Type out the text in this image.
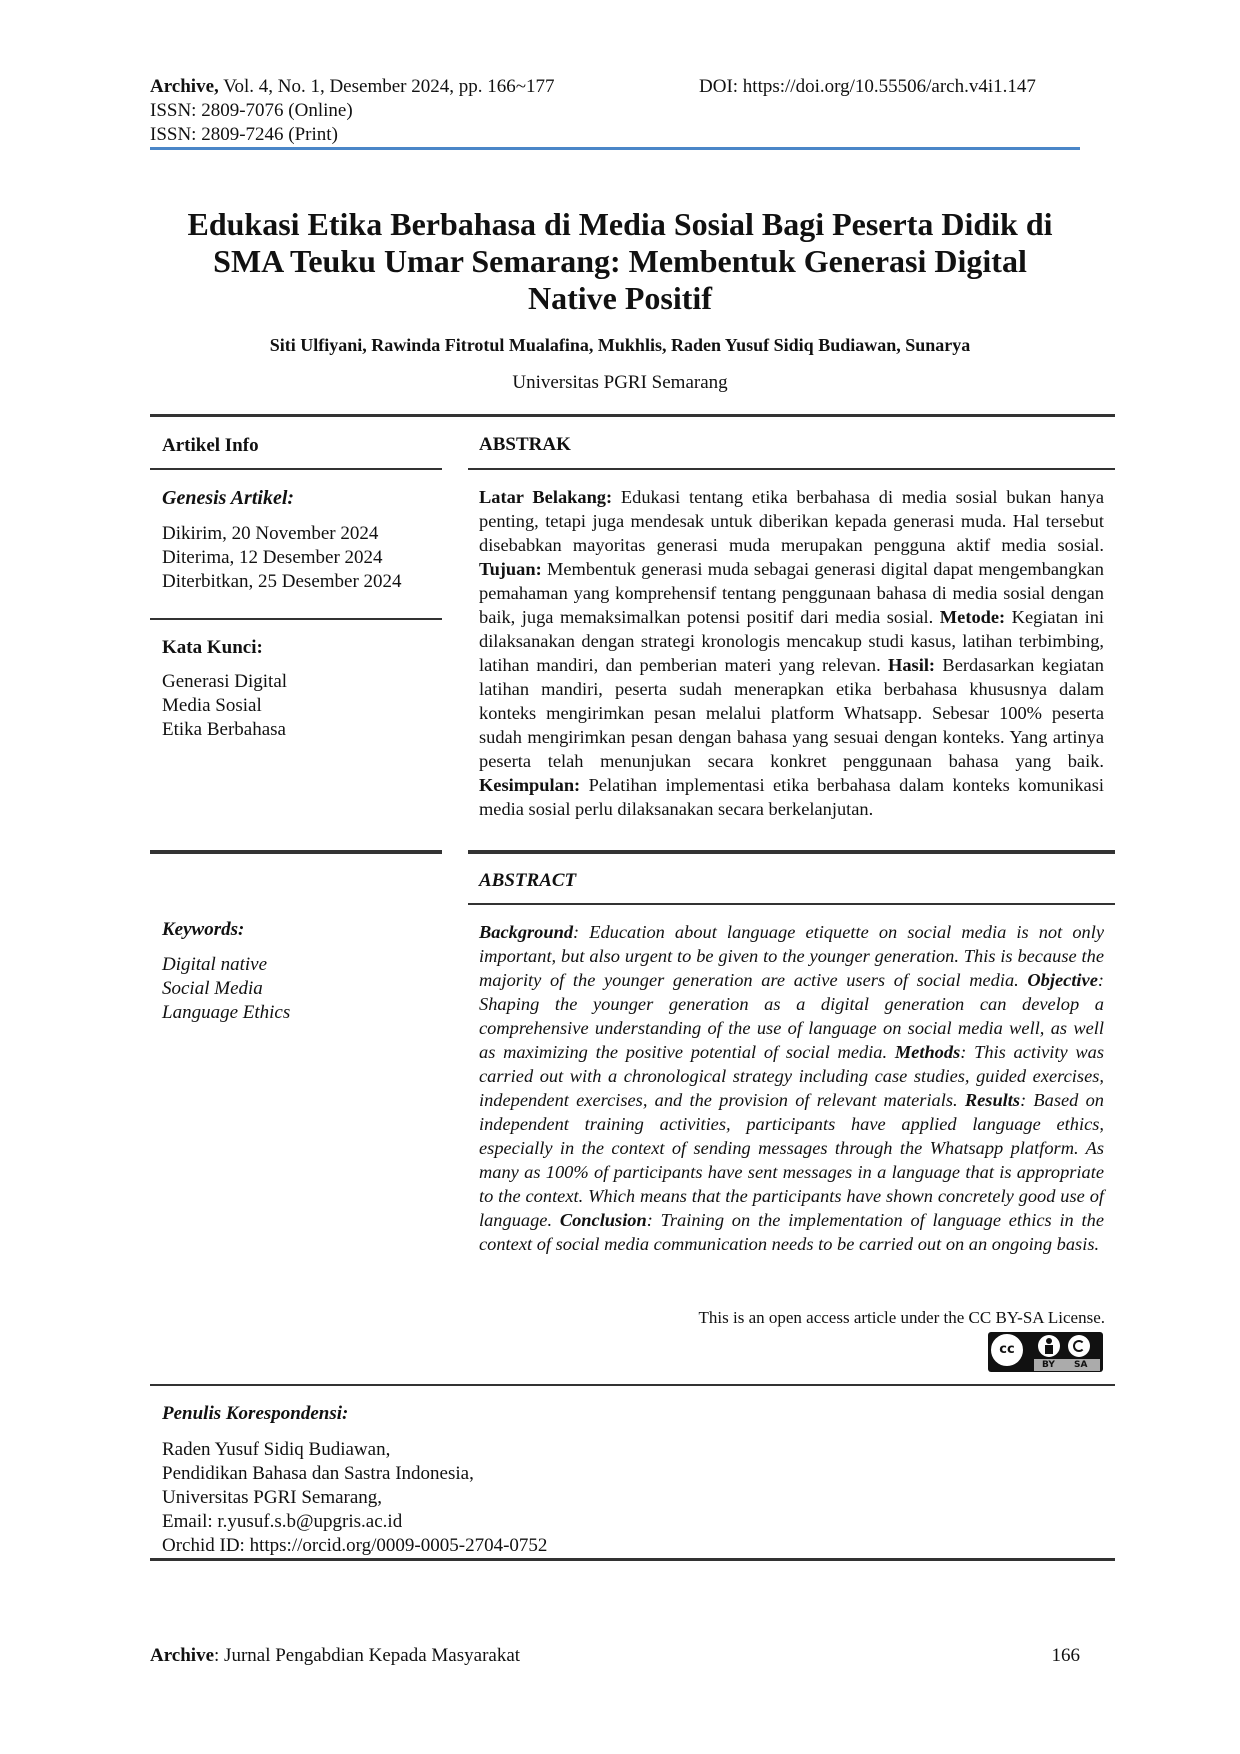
Archive, Vol. 4, No. 1, Desember 2024, pp. 166~177	DOI: https://doi.org/10.55506/arch.v4i1.147
ISSN: 2809-7076 (Online)
ISSN: 2809-7246 (Print)
Edukasi Etika Berbahasa di Media Sosial Bagi Peserta Didik di
SMA Teuku Umar Semarang: Membentuk Generasi Digital
Native Positif
Siti Ulfiyani, Rawinda Fitrotul Mualafina, Mukhlis, Raden Yusuf Sidiq Budiawan, Sunarya
Universitas PGRI Semarang
Artikel Info
Genesis Artikel:
Dikirim, 20 November 2024
Diterima, 12 Desember 2024
Diterbitkan, 25 Desember 2024
Kata Kunci:
Generasi Digital
Media Sosial
Etika Berbahasa
Keywords:
Digital native
Social Media
Language Ethics
ABSTRAK
Latar Belakang: Edukasi tentang etika berbahasa di media sosial bukan hanya penting, tetapi juga mendesak untuk diberikan kepada generasi muda. Hal tersebut disebabkan mayoritas generasi muda merupakan pengguna aktif media sosial. Tujuan: Membentuk generasi muda sebagai generasi digital dapat mengembangkan pemahaman yang komprehensif tentang penggunaan bahasa di media sosial dengan baik, juga memaksimalkan potensi positif dari media sosial. Metode: Kegiatan ini dilaksanakan dengan strategi kronologis mencakup studi kasus, latihan terbimbing, latihan mandiri, dan pemberian materi yang relevan. Hasil: Berdasarkan kegiatan latihan mandiri, peserta sudah menerapkan etika berbahasa khususnya dalam konteks mengirimkan pesan melalui platform Whatsapp. Sebesar 100% peserta sudah mengirimkan pesan dengan bahasa yang sesuai dengan konteks. Yang artinya peserta telah menunjukan secara konkret penggunaan bahasa yang baik. Kesimpulan: Pelatihan implementasi etika berbahasa dalam konteks komunikasi media sosial perlu dilaksanakan secara berkelanjutan.
ABSTRACT
Background: Education about language etiquette on social media is not only important, but also urgent to be given to the younger generation. This is because the majority of the younger generation are active users of social media. Objective: Shaping the younger generation as a digital generation can develop a comprehensive understanding of the use of language on social media well, as well as maximizing the positive potential of social media. Methods: This activity was carried out with a chronological strategy including case studies, guided exercises, independent exercises, and the provision of relevant materials. Results: Based on independent training activities, participants have applied language ethics, especially in the context of sending messages through the Whatsapp platform. As many as 100% of participants have sent messages in a language that is appropriate to the context. Which means that the participants have shown concretely good use of language. Conclusion: Training on the implementation of language ethics in the context of social media communication needs to be carried out on an ongoing basis.
This is an open access article under the CC BY-SA License.
cc
BY SA
Penulis Korespondensi:
Raden Yusuf Sidiq Budiawan,
Pendidikan Bahasa dan Sastra Indonesia,
Universitas PGRI Semarang,
Email: r.yusuf.s.b@upgris.ac.id
Orchid ID: https://orcid.org/0009-0005-2704-0752
Archive: Jurnal Pengabdian Kepada Masyarakat	166
